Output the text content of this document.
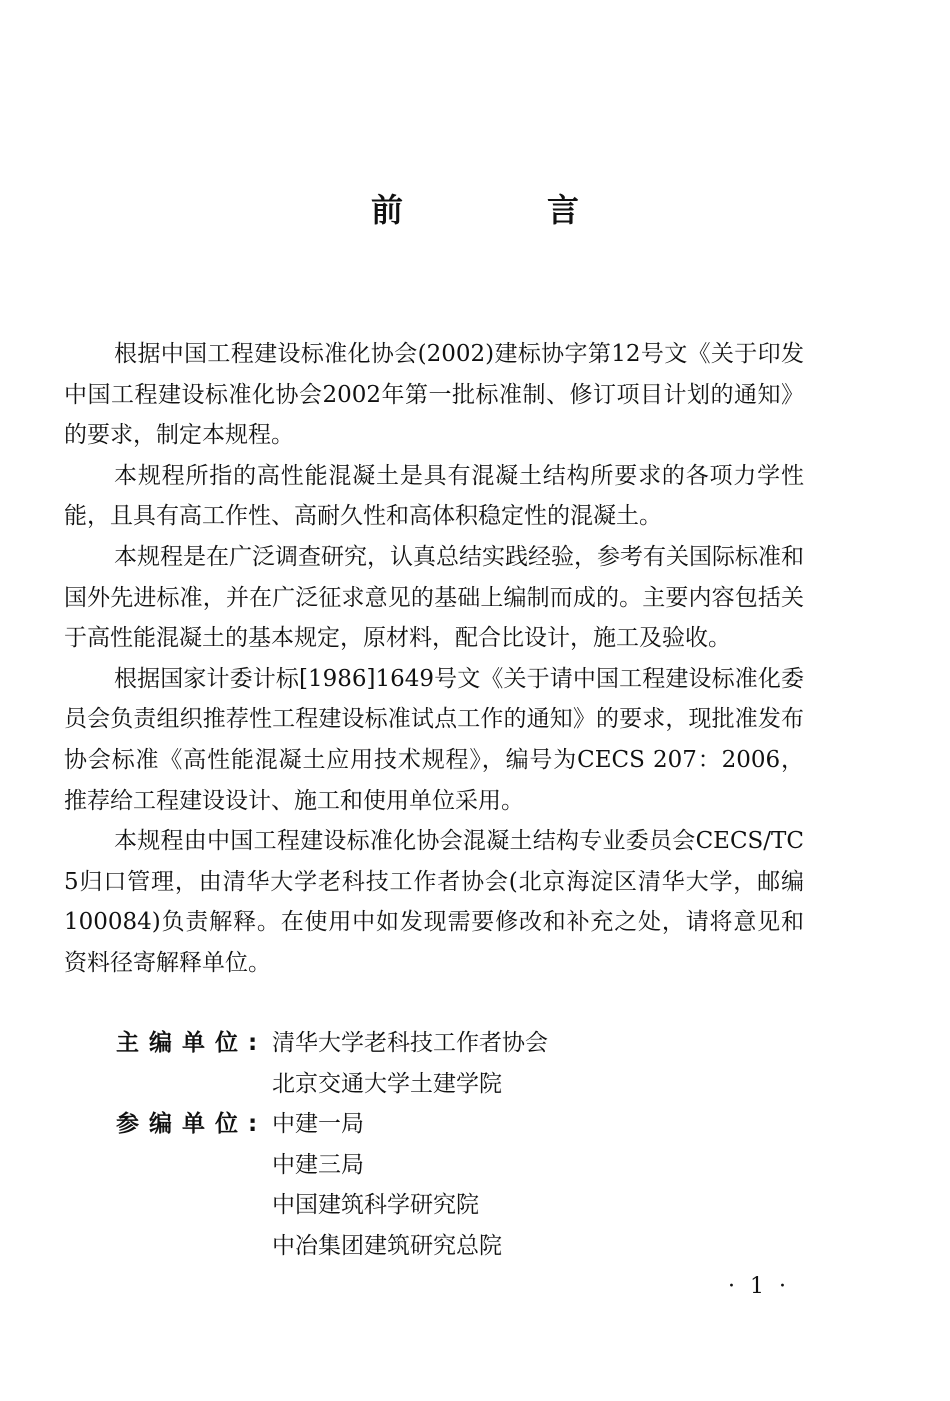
前　言

根据中国工程建设标准化协会(2002)建标协字第12号文《关于印发中国工程建设标准化协会2002年第一批标准制、修订项目计划的通知》的要求，制定本规程。

本规程所指的高性能混凝土是具有混凝土结构所要求的各项力学性能，且具有高工作性、高耐久性和高体积稳定性的混凝土。

本规程是在广泛调查研究，认真总结实践经验，参考有关国际标准和国外先进标准，并在广泛征求意见的基础上编制而成的。主要内容包括关于高性能混凝土的基本规定，原材料，配合比设计，施工及验收。

根据国家计委计标[1986]1649号文《关于请中国工程建设标准化委员会负责组织推荐性工程建设标准试点工作的通知》的要求，现批准发布协会标准《高性能混凝土应用技术规程》，编号为CECS 207：2006，推荐给工程建设设计、施工和使用单位采用。

本规程由中国工程建设标准化协会混凝土结构专业委员会CECS/TC 5归口管理，由清华大学老科技工作者协会(北京海淀区清华大学，邮编100084)负责解释。在使用中如发现需要修改和补充之处，请将意见和资料径寄解释单位。

主编单位: 清华大学老科技工作者协会
北京交通大学土建学院
参编单位: 中建一局
中建三局
中国建筑科学研究院
中冶集团建筑研究总院
· 1 ·
